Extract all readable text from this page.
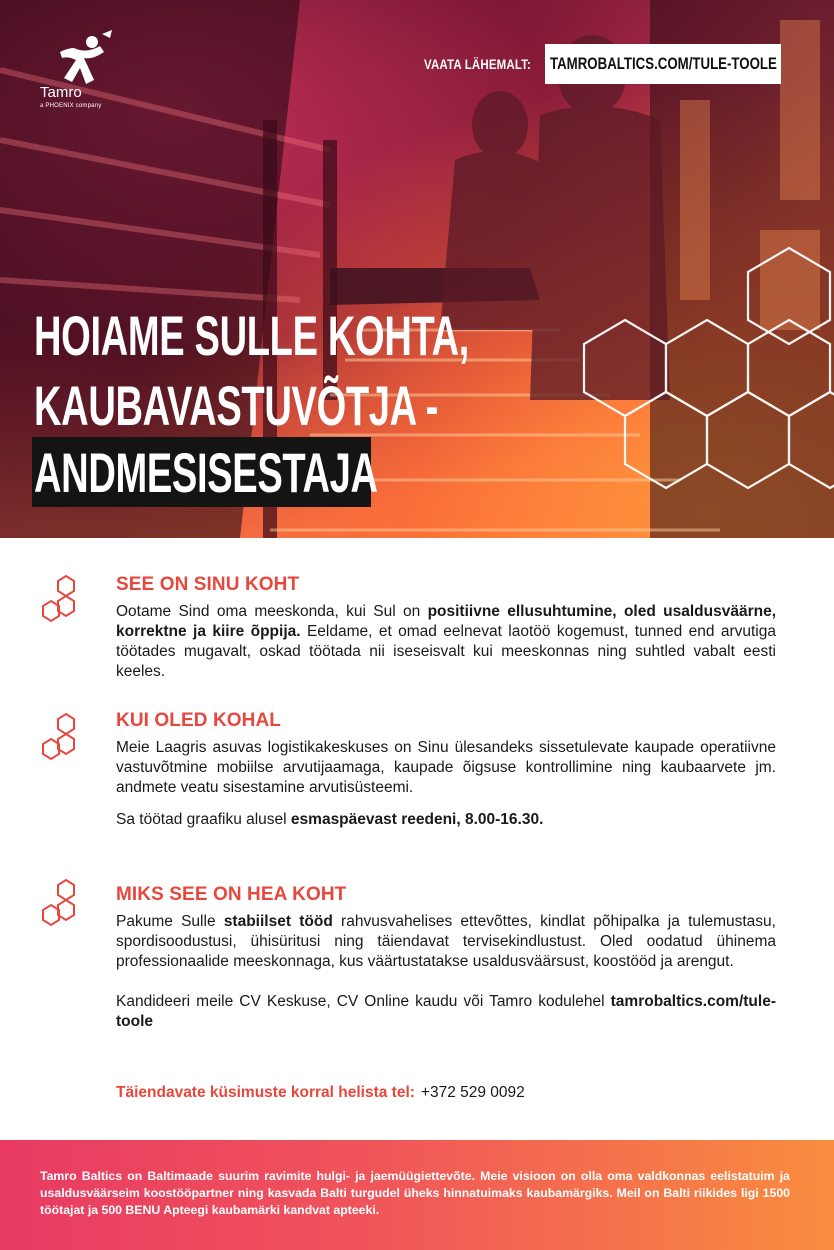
Tamro
a PHOENIX company
VAATA LÄHEMALT: TAMROBALTICS.COM/TULE-TOOLE
HOIAME SULLE KOHTA,
KAUBAVASTUVÕTJA -
ANDMESISESTAJA
SEE ON SINU KOHT

Ootame Sind oma meeskonda, kui Sul on positiivne ellusuhtumine, oled usaldusväärne, korrektne ja kiire õppija. Eeldame, et omad eelnevat laotöö kogemust, tunned end arvutiga töötades mugavalt, oskad töötada nii iseseisvalt kui meeskonnas ning suhtled vabalt eesti keeles.

KUI OLED KOHAL

Meie Laagris asuvas logistikakeskuses on Sinu ülesandeks sissetulevate kaupade operatiivne vastuvõtmine mobiilse arvutijaamaga, kaupade õigsuse kontrollimine ning kaubaarvete jm. andmete veatu sisestamine arvutisüsteemi.

Sa töötad graafiku alusel esmaspäevast reedeni, 8.00-16.30.

MIKS SEE ON HEA KOHT

Pakume Sulle stabiilset tööd rahvusvahelises ettevõttes, kindlat põhipalka ja tulemustasu, spordisoodustusi, ühisüritusi ning täiendavat tervisekindlustust. Oled oodatud ühinema professionaalide meeskonnaga, kus väärtustatakse usaldusväärsust, koostööd ja arengut.

Kandideeri meile CV Keskuse, CV Online kaudu või Tamro kodulehel tamrobaltics.com/tule-toole

Täiendavate küsimuste korral helista tel: +372 529 0092

Tamro Baltics on Baltimaade suurim ravimite hulgi- ja jaemüügiettevõte. Meie visioon on olla oma valdkonnas eelistatuim ja usaldusväärseim koostööpartner ning kasvada Balti turgudel üheks hinnatuimaks kaubamärgiks. Meil on Balti riikides ligi 1500 töötajat ja 500 BENU Apteegi kaubamärki kandvat apteeki.
